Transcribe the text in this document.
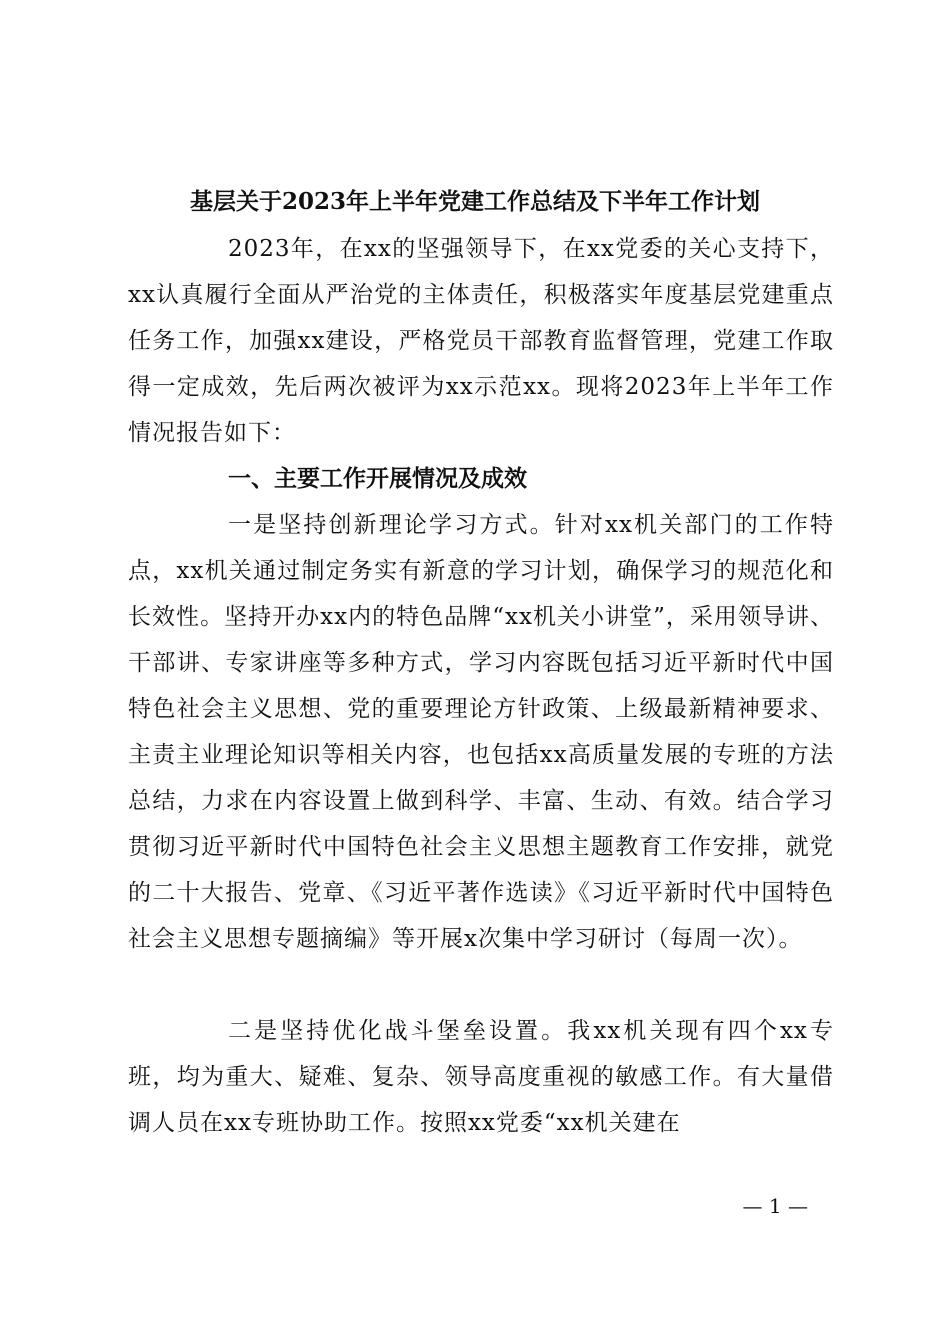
基层关于2023年上半年党建工作总结及下半年工作计划

2023年，在xx的坚强领导下，在xx党委的关心支持下，xx认真履行全面从严治党的主体责任，积极落实年度基层党建重点任务工作，加强xx建设，严格党员干部教育监督管理，党建工作取得一定成效，先后两次被评为xx示范xx。现将2023年上半年工作情况报告如下：

一、主要工作开展情况及成效

一是坚持创新理论学习方式。针对xx机关部门的工作特点，xx机关通过制定务实有新意的学习计划，确保学习的规范化和长效性。坚持开办xx内的特色品牌“xx机关小讲堂”，采用领导讲、干部讲、专家讲座等多种方式，学习内容既包括习近平新时代中国特色社会主义思想、党的重要理论方针政策、上级最新精神要求、主责主业理论知识等相关内容，也包括xx高质量发展的专班的方法总结，力求在内容设置上做到科学、丰富、生动、有效。结合学习贯彻习近平新时代中国特色社会主义思想主题教育工作安排，就党的二十大报告、党章、《习近平著作选读》《习近平新时代中国特色社会主义思想专题摘编》等开展x次集中学习研讨（每周一次）。

二是坚持优化战斗堡垒设置。我xx机关现有四个xx专班，均为重大、疑难、复杂、领导高度重视的敏感工作。有大量借调人员在xx专班协助工作。按照xx党委“xx机关建在

— 1 —
